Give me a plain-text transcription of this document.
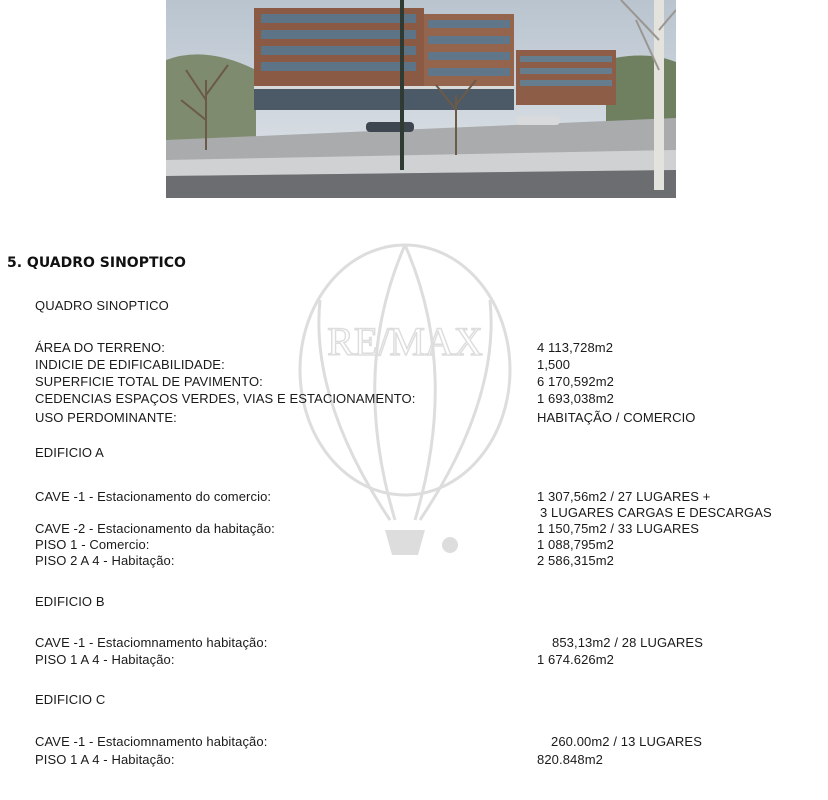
RE/MAX
5. QUADRO SINOPTICO
QUADRO SINOPTICO
ÁREA DO TERRENO:	4 113,728m2
INDICIE DE EDIFICABILIDADE:	1,500
SUPERFICIE TOTAL DE PAVIMENTO:	6 170,592m2
CEDENCIAS ESPAÇOS VERDES, VIAS E ESTACIONAMENTO:	1 693,038m2
USO PERDOMINANTE:	HABITAÇÃO / COMERCIO
EDIFICIO A
CAVE -1 - Estacionamento do comercio:	1 307,56m2 / 27 LUGARES +
3 LUGARES CARGAS E DESCARGAS
CAVE -2 - Estacionamento da habitação:	1 150,75m2 / 33 LUGARES
PISO 1 - Comercio:	1 088,795m2
PISO 2 A 4 - Habitação:	2 586,315m2
EDIFICIO B
CAVE -1 - Estaciomnamento habitação:	853,13m2 / 28 LUGARES
PISO 1 A 4 - Habitação:	1 674.626m2
EDIFICIO C
CAVE -1 - Estaciomnamento habitação:	260.00m2 / 13 LUGARES
PISO 1 A 4 - Habitação:	820.848m2
